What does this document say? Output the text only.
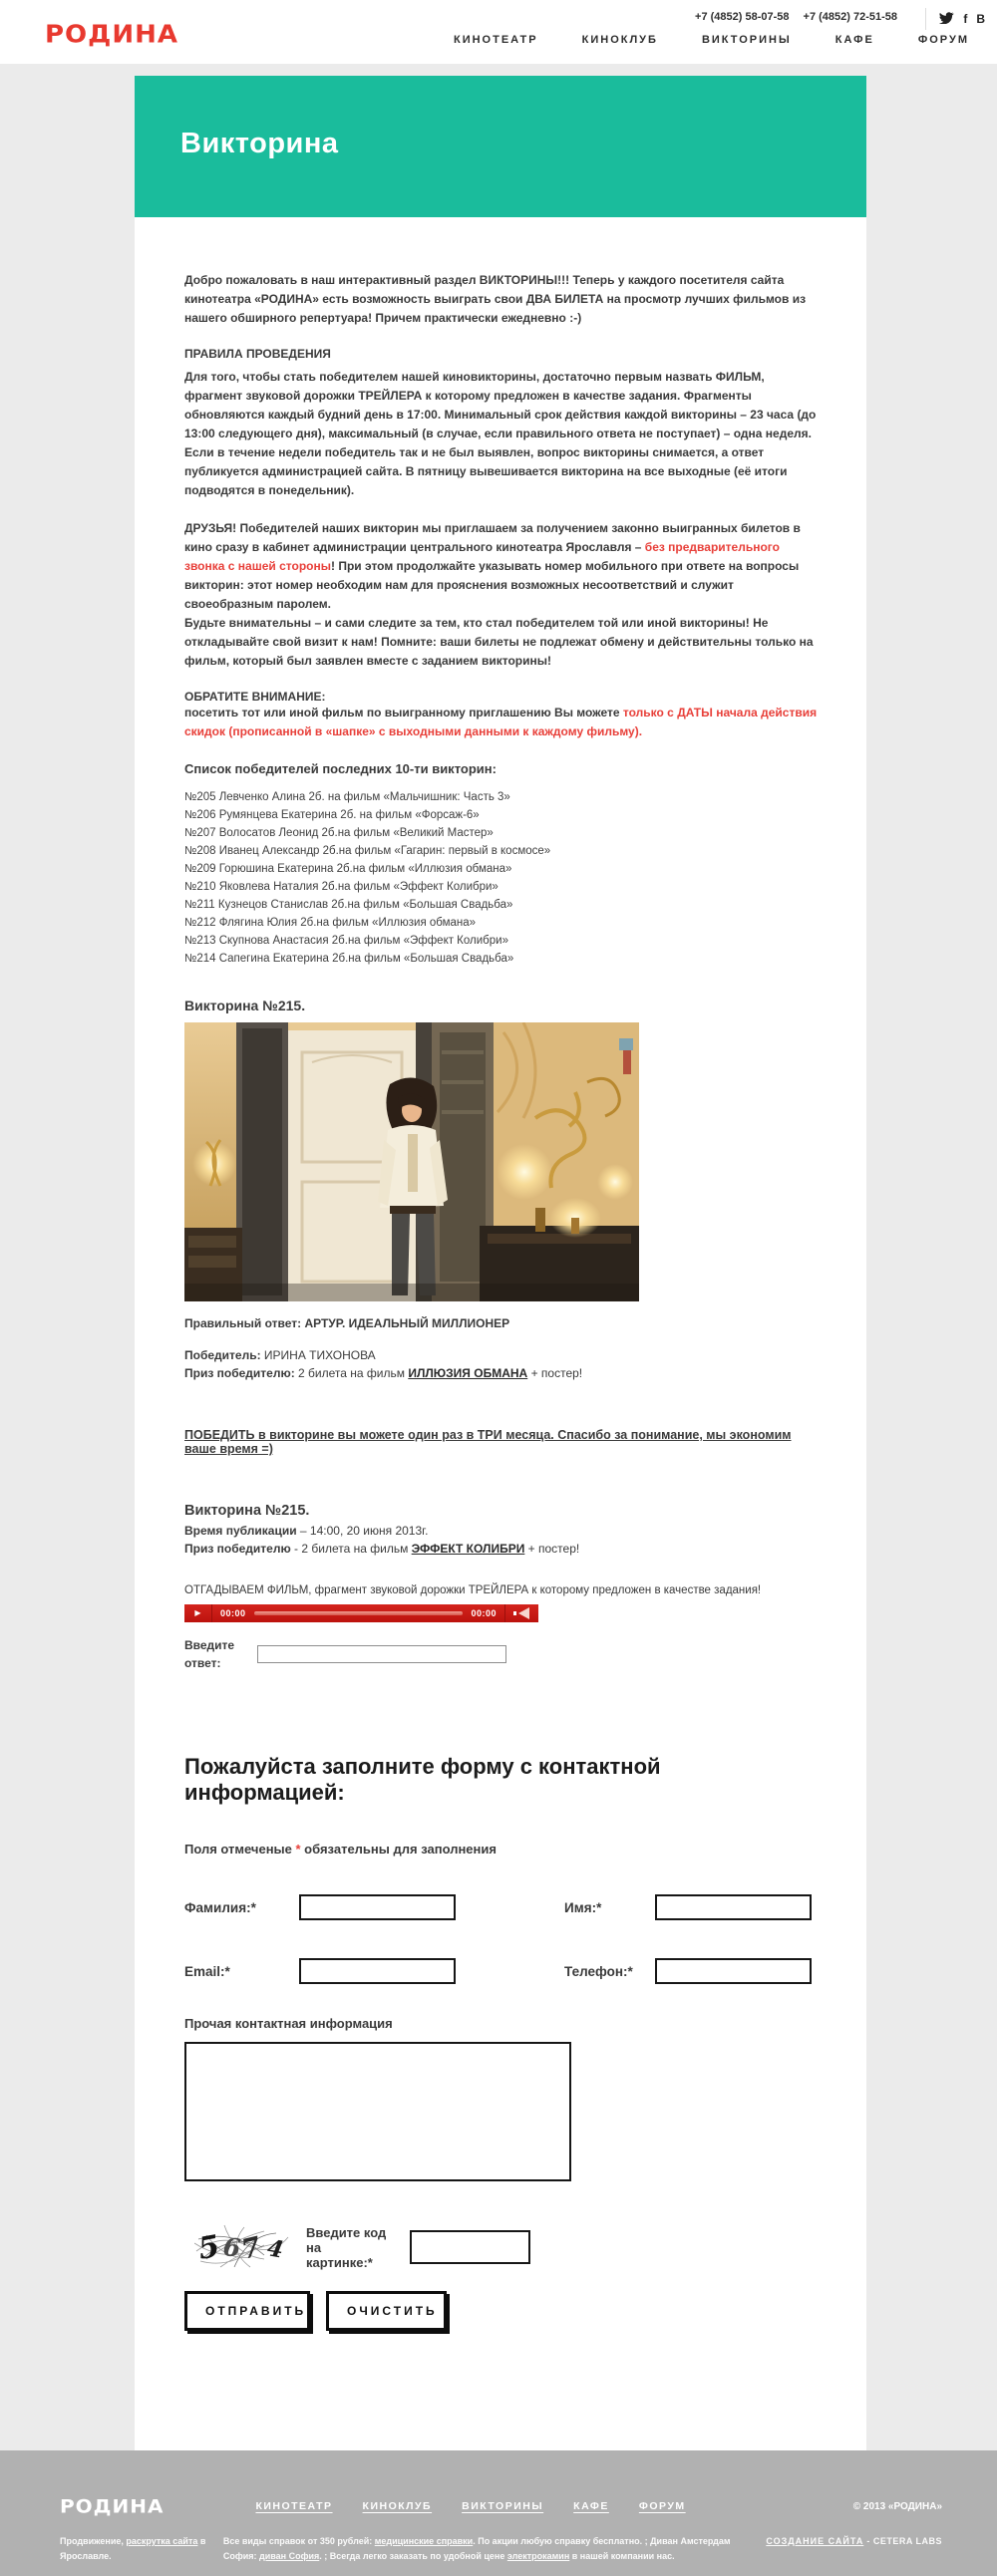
РОДИНА
+7 (4852) 58-07-58 +7 (4852) 72-51-58	f В
КИНОТЕАТР	КИНОКЛУБ	ВИКТОРИНЫ	КАФЕ	ФОРУМ
Викторина

Добро пожаловать в наш интерактивный раздел ВИКТОРИНЫ!!! Теперь у каждого посетителя сайта кинотеатра «РОДИНА» есть возможность выиграть свои ДВА БИЛЕТА на просмотр лучших фильмов из нашего обширного репертуара! Причем практически ежедневно :-)

ПРАВИЛА ПРОВЕДЕНИЯ

Для того, чтобы стать победителем нашей киновикторины, достаточно первым назвать ФИЛЬМ, фрагмент звуковой дорожки ТРЕЙЛЕРА к которому предложен в качестве задания. Фрагменты обновляются каждый будний день в 17:00. Минимальный срок действия каждой викторины – 23 часа (до 13:00 следующего дня), максимальный (в случае, если правильного ответа не поступает) – одна неделя. Если в течение недели победитель так и не был выявлен, вопрос викторины снимается, а ответ публикуется администрацией сайта. В пятницу вывешивается викторина на все выходные (её итоги подводятся в понедельник).

ДРУЗЬЯ! Победителей наших викторин мы приглашаем за получением законно выигранных билетов в кино сразу в кабинет администрации центрального кинотеатра Ярославля – без предварительного звонка с нашей стороны! При этом продолжайте указывать номер мобильного при ответе на вопросы викторин: этот номер необходим нам для прояснения возможных несоответствий и служит своеобразным паролем.
Будьте внимательны – и сами следите за тем, кто стал победителем той или иной викторины! Не откладывайте свой визит к нам! Помните: ваши билеты не подлежат обмену и действительны только на фильм, который был заявлен вместе с заданием викторины!

ОБРАТИТЕ ВНИМАНИЕ:

посетить тот или иной фильм по выигранному приглашению Вы можете только с ДАТЫ начала действия скидок (прописанной в «шапке» с выходными данными к каждому фильму).

Список победителей последних 10-ти викторин:
№205 Левченко Алина 2б. на фильм «Мальчишник: Часть 3»
№206 Румянцева Екатерина 2б. на фильм «Форсаж-6»
№207 Волосатов Леонид 2б.на фильм «Великий Мастер»
№208 Иванец Александр 2б.на фильм «Гагарин: первый в космосе»
№209 Горюшина Екатерина 2б.на фильм «Иллюзия обмана»
№210 Яковлева Наталия 2б.на фильм «Эффект Колибри»
№211 Кузнецов Станислав 2б.на фильм «Большая Свадьба»
№212 Флягина Юлия 2б.на фильм «Иллюзия обмана»
№213 Скупнова Анастасия 2б.на фильм «Эффект Колибри»
№214 Сапегина Екатерина 2б.на фильм «Большая Свадьба»
Викторина №215.
Правильный ответ: АРТУР. ИДЕАЛЬНЫЙ МИЛЛИОНЕР
Победитель: ИРИНА ТИХОНОВА
Приз победителю: 2 билета на фильм ИЛЛЮЗИЯ ОБМАНА + постер!
ПОБЕДИТЬ в викторине вы можете один раз в ТРИ месяца. Спасибо за понимание, мы экономим ваше время =)
Викторина №215.
Время публикации – 14:00, 20 июня 2013г.
Приз победителю - 2 билета на фильм ЭФФЕКТ КОЛИБРИ + постер!
ОТГАДЫВАЕМ ФИЛЬМ, фрагмент звуковой дорожки ТРЕЙЛЕРА к которому предложен в качестве задания!
▶	00:00	00:00
Введите ответ:
Пожалуйста заполните форму с контактной информацией:
Поля отмеченые * обязательны для заполнения
Фамилия:*	Имя:*
Email:*	Телефон:*
Прочая контактная информация
5 6
7 4
Введите код на картинке:*
ОТПРАВИТЬ	ОЧИСТИТЬ
РОДИНА	КИНОТЕАТР	КИНОКЛУБ	ВИКТОРИНЫ	КАФЕ	ФОРУМ	© 2013 «РОДИНА»
Продвижение, раскрутка сайта в Ярославле.
Все виды справок от 350 рублей: медицинские справки. По акции любую справку бесплатно. ; Диван Амстердам София: диван София. ; Всегда легко заказать по удобной цене электрокамин в нашей компании нас.
СОЗДАНИЕ САЙТА - CETERA LABS
